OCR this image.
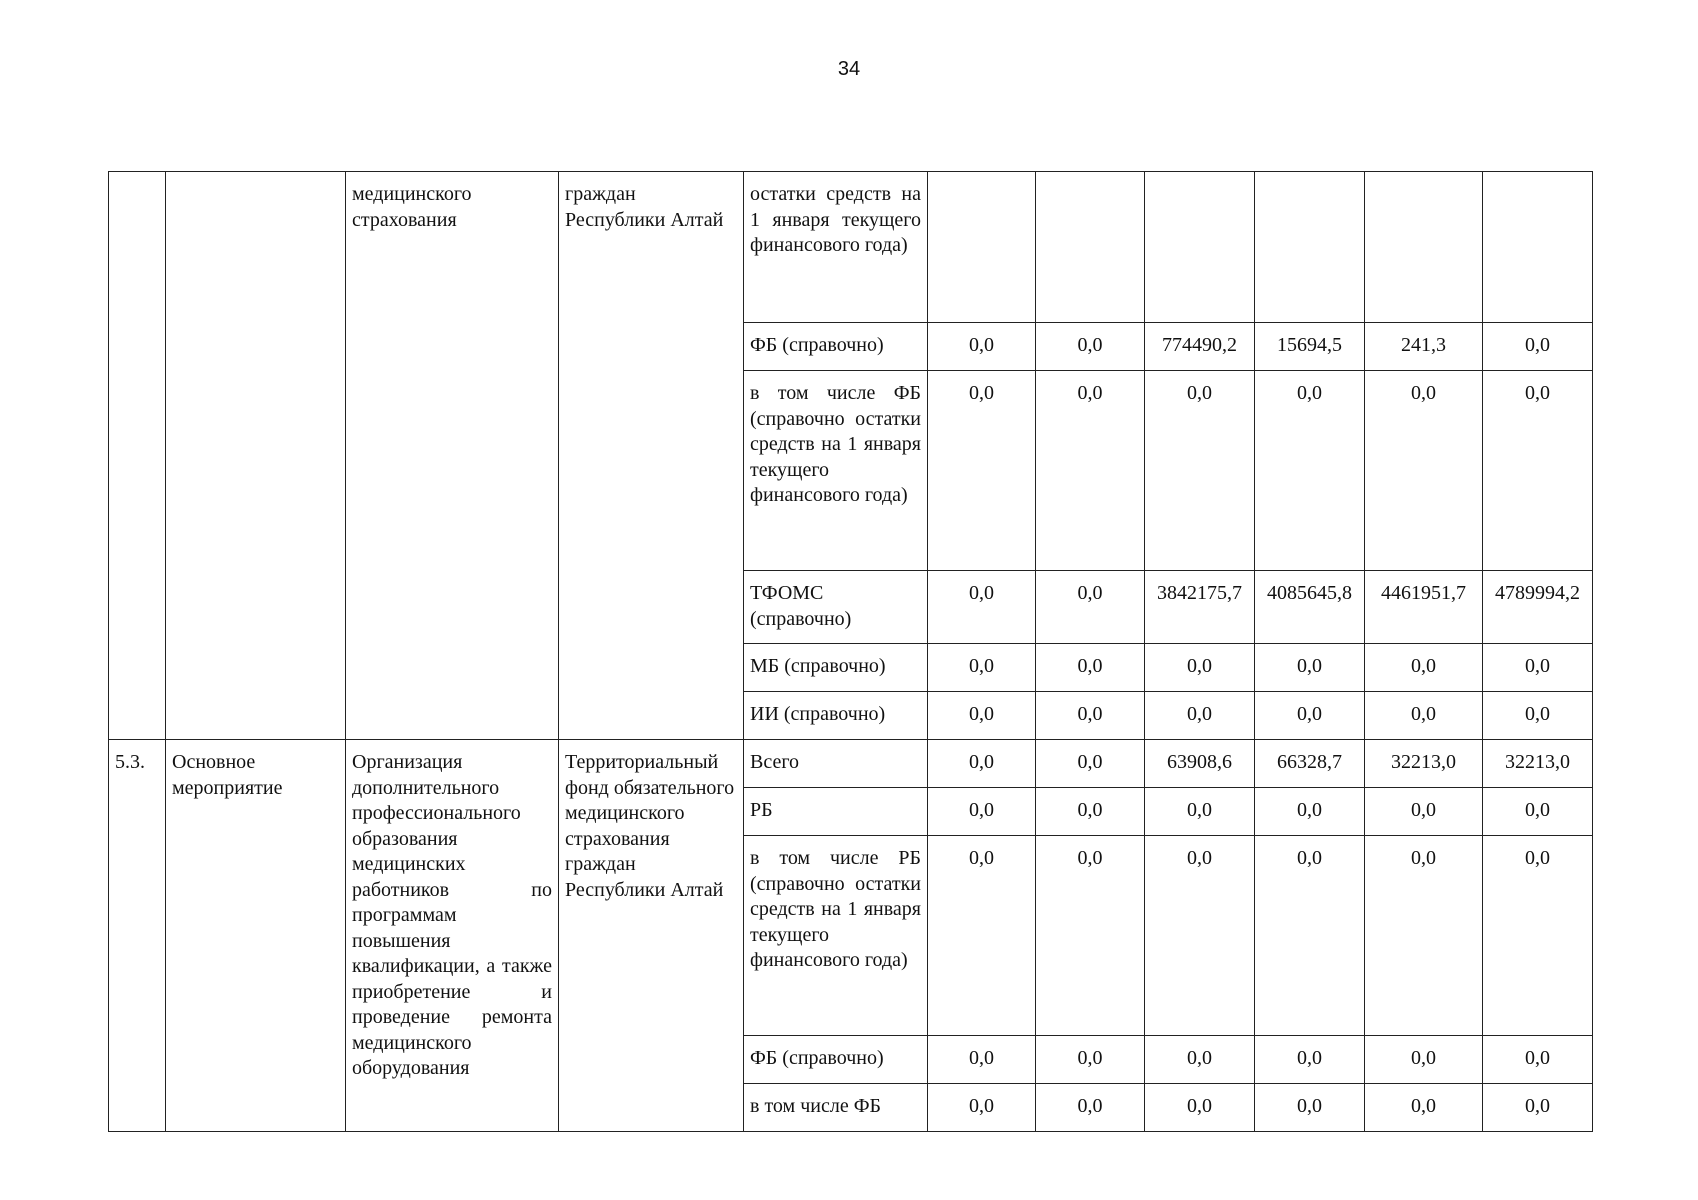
34
		медицинского страхования	граждан Республики Алтай	остатки средств на 1 января текущего финансового года)						
				ФБ (справочно)	0,0	0,0	774490,2	15694,5	241,3	0,0
				в том числе ФБ (справочно остатки средств на 1 января текущего финансового года)	0,0	0,0	0,0	0,0	0,0	0,0
				ТФОМС (справочно)	0,0	0,0	3842175,7	4085645,8	4461951,7	4789994,2
				МБ (справочно)	0,0	0,0	0,0	0,0	0,0	0,0
				ИИ (справочно)	0,0	0,0	0,0	0,0	0,0	0,0
5.3.	Основное мероприятие	Организация дополнительного профессионального образования медицинских работников по программам повышения квалификации, а также приобретение и проведение ремонта медицинского оборудования	Территориальный фонд обязательного медицинского страхования граждан Республики Алтай	Всего	0,0	0,0	63908,6	66328,7	32213,0	32213,0
				РБ	0,0	0,0	0,0	0,0	0,0	0,0
				в том числе РБ (справочно остатки средств на 1 января текущего финансового года)	0,0	0,0	0,0	0,0	0,0	0,0
				ФБ (справочно)	0,0	0,0	0,0	0,0	0,0	0,0
				в том числе ФБ	0,0	0,0	0,0	0,0	0,0	0,0
